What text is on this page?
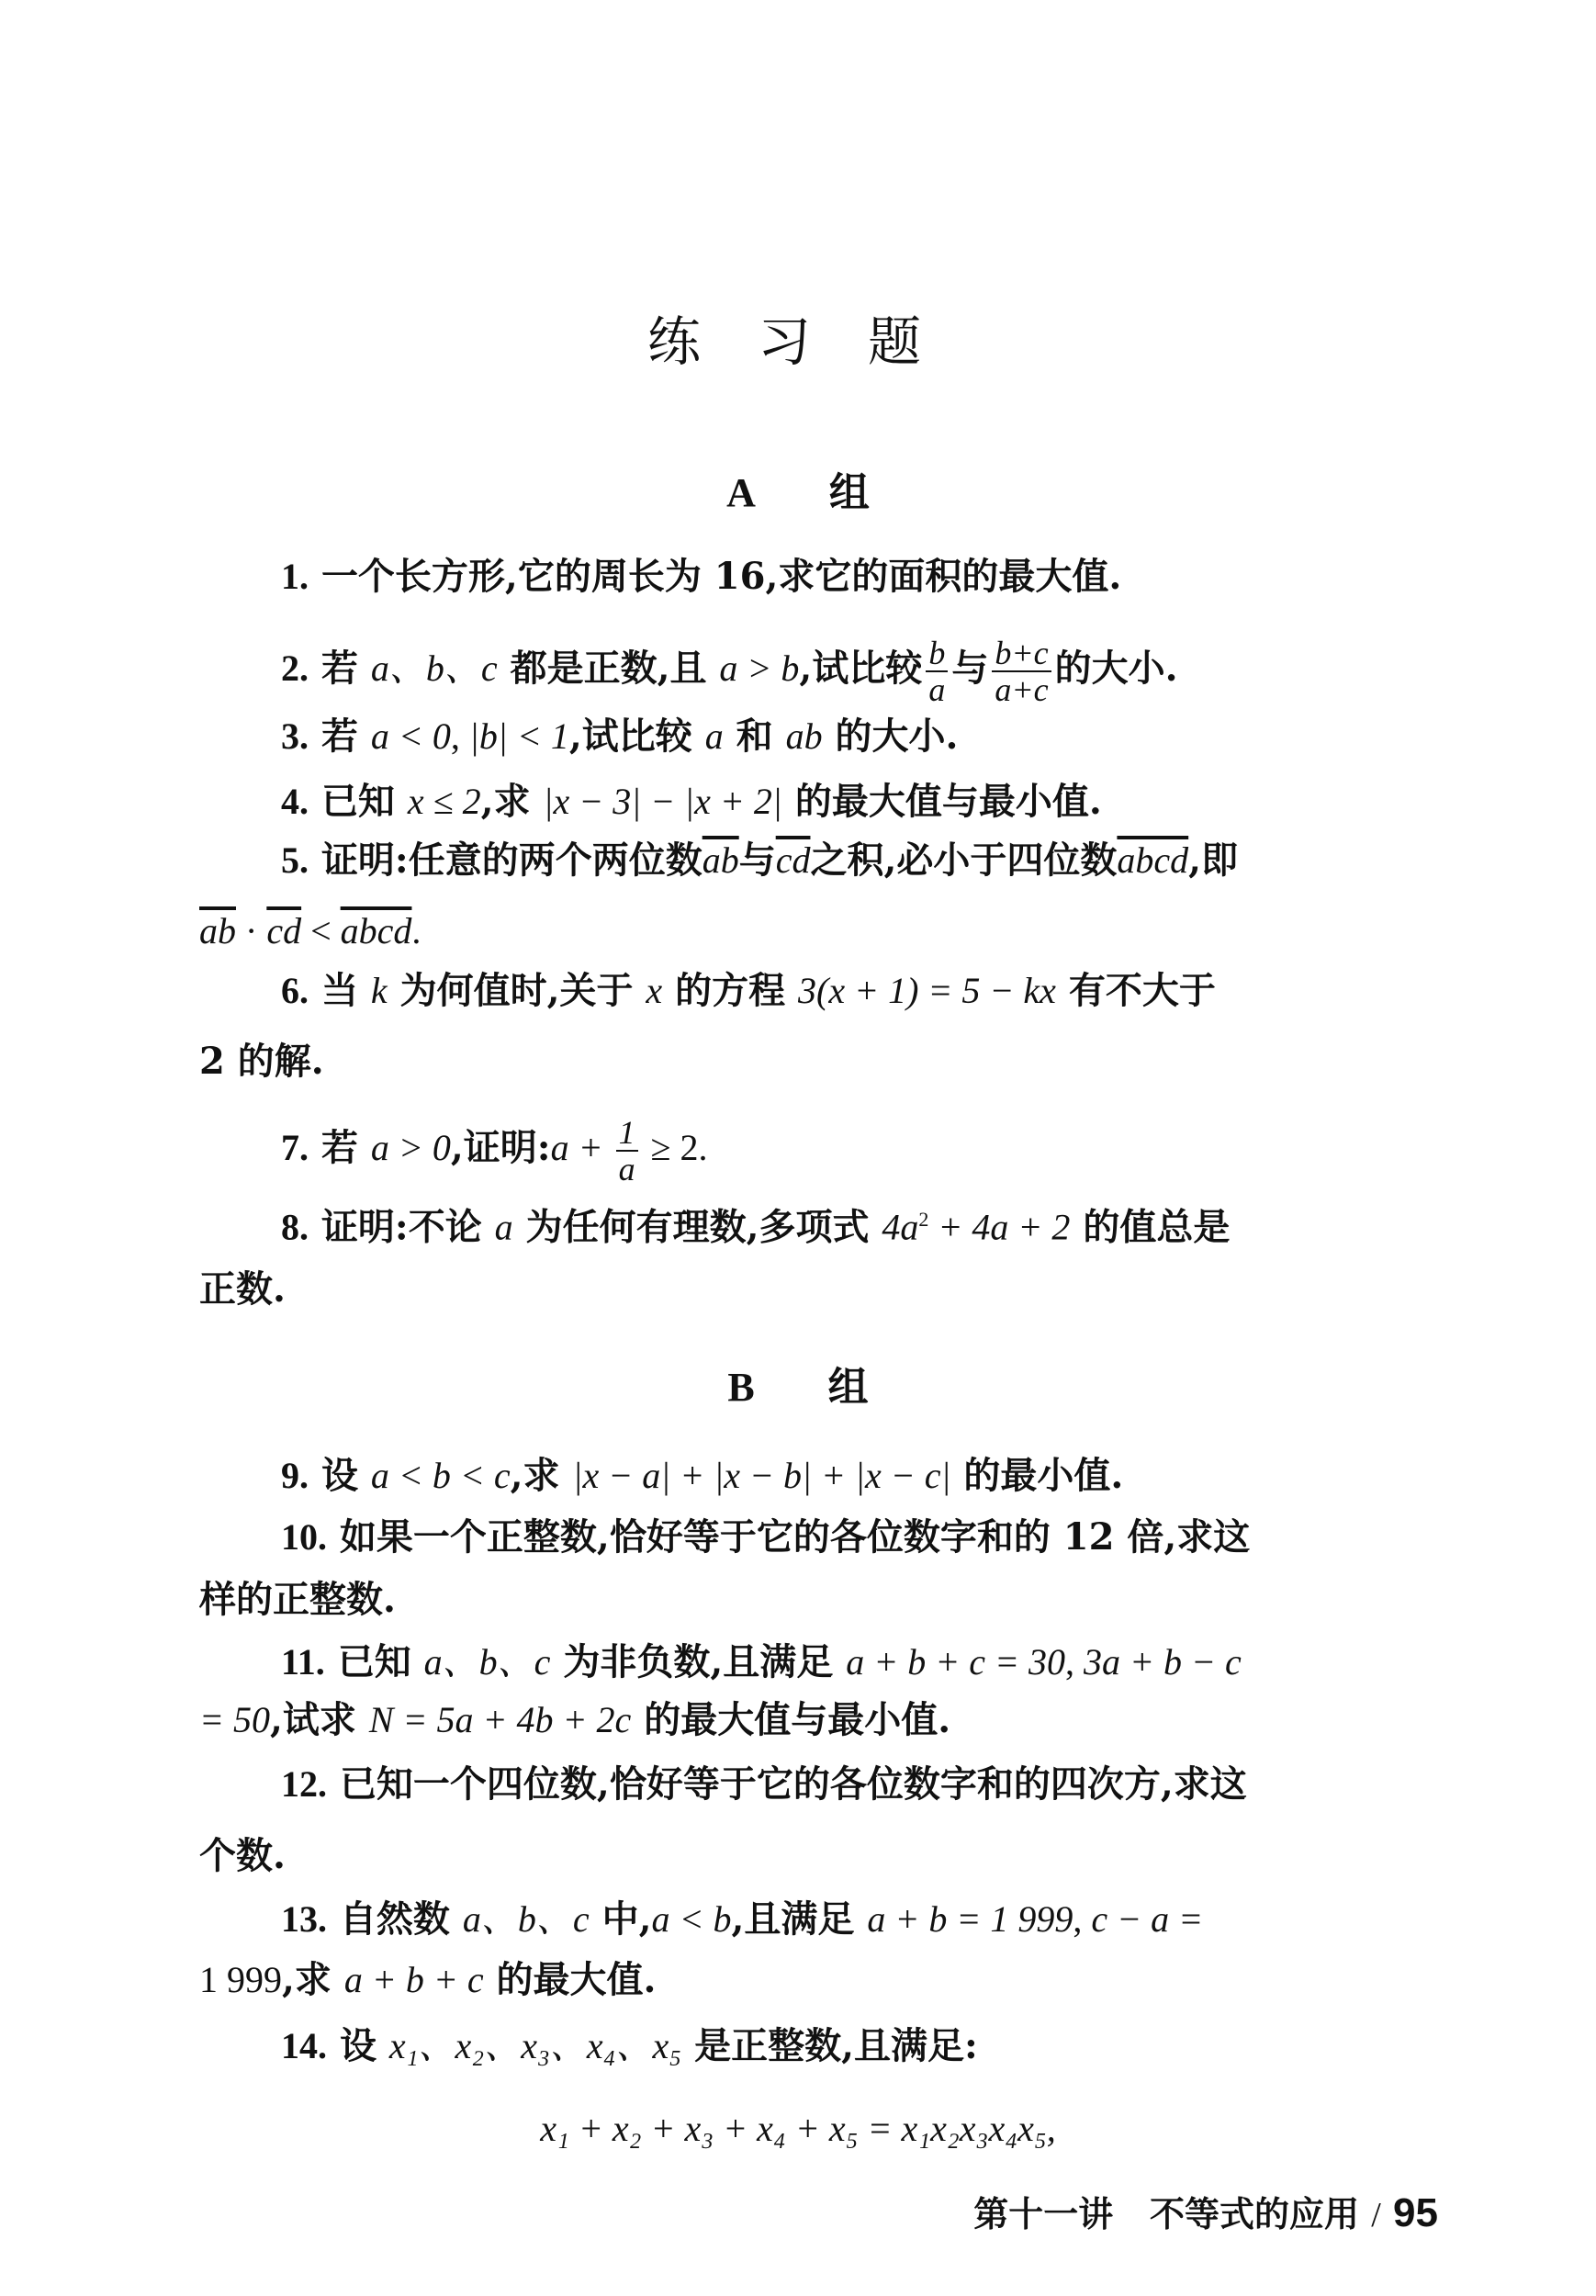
练习题
A 组
1. 一个长方形,它的周长为 16,求它的面积的最大值.
2. 若 a、b、c 都是正数,且 a > b,试比较 $\frac{b}{a}$ 与 $\frac{b+c}{a+c}$ 的大小.
3. 若 a < 0, |b| < 1,试比较 a 和 ab 的大小.
4. 已知 x ≤ 2,求 |x − 3| − |x + 2| 的最大值与最小值.
5. 证明:任意的两个两位数$\overline{ab}$与$\overline{cd}$之积,必小于四位数abcd,即
$\overline{ab} \cdot \overline{cd}$ < abcd.
6. 当 k 为何值时,关于 x 的方程 3(x + 1) = 5 − kx 有不大于
2 的解.
7. 若 a > 0,证明:a + $\frac{1}{a} \ge 2$.
8. 证明:不论 a 为任何有理数,多项式 $4a^2 + 4a + 2$ 的值总是
正数.
B 组
9. 设 a < b < c,求 |x − a| + |x − b| + |x − c| 的最小值.
10. 如果一个正整数,恰好等于它的各位数字和的 12 倍,求这
样的正整数.
11. 已知 a、b、c 为非负数,且满足 a + b + c = 30, 3a + b − c
= 50,试求 N = 5a + 4b + 2c 的最大值与最小值.
12. 已知一个四位数,恰好等于它的各位数字和的四次方,求这
个数.
13. 自然数 a、b、c 中,a < b,且满足 a + b = 1 999, c − a =
1 999,求 a + b + c 的最大值.
14. 设 x₁、x₂、x₃、x₄、x₅ 是正整数,且满足:
x₁ + x₂ + x₃ + x₄ + x₅ = x₁x₂x₃x₄x₅,
第十一讲 不等式的应用 / 95
